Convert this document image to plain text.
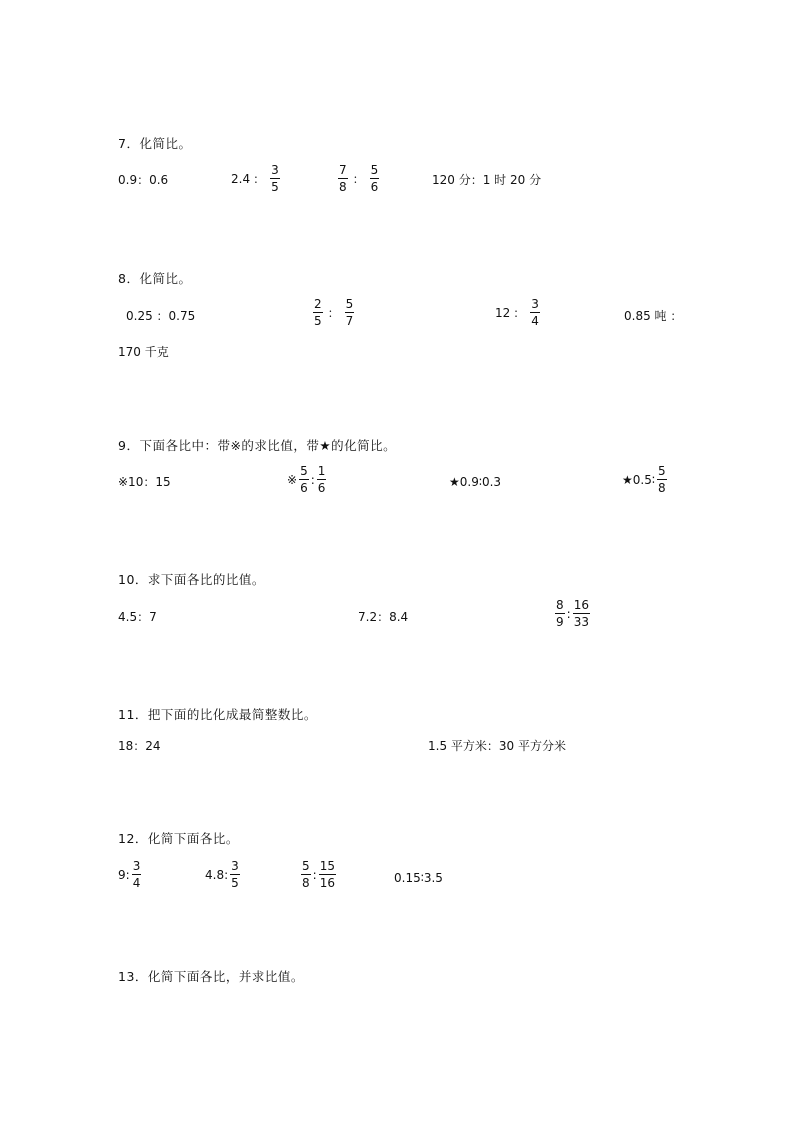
7．化简比。
0.9：0.6	2.4 ： $\frac{3}{5}$	$\frac{7}{8}$ ： $\frac{5}{6}$	120 分：1 时 20 分
8．化简比。
0.25 ：0.75	$\frac{2}{5}$ ： $\frac{5}{7}$	12 ： $\frac{3}{4}$	0.85 吨 ：
170 千克
9．下面各比中：带※的求比值，带★的化简比。
※10：15	※ $\frac{5}{6}$ : $\frac{1}{6}$	★0.9∶0.3	★0.5∶ $\frac{5}{8}$
10．求下面各比的比值。
4.5：7	7.2：8.4	$\frac{8}{9}$ : $\frac{16}{33}$
11．把下面的比化成最简整数比。
18：24	1.5 平方米：30 平方分米
12．化简下面各比。
9: $\frac{3}{4}$	4.8: $\frac{3}{5}$	$\frac{5}{8}$ : $\frac{15}{16}$	0.15∶3.5
13．化简下面各比，并求比值。
